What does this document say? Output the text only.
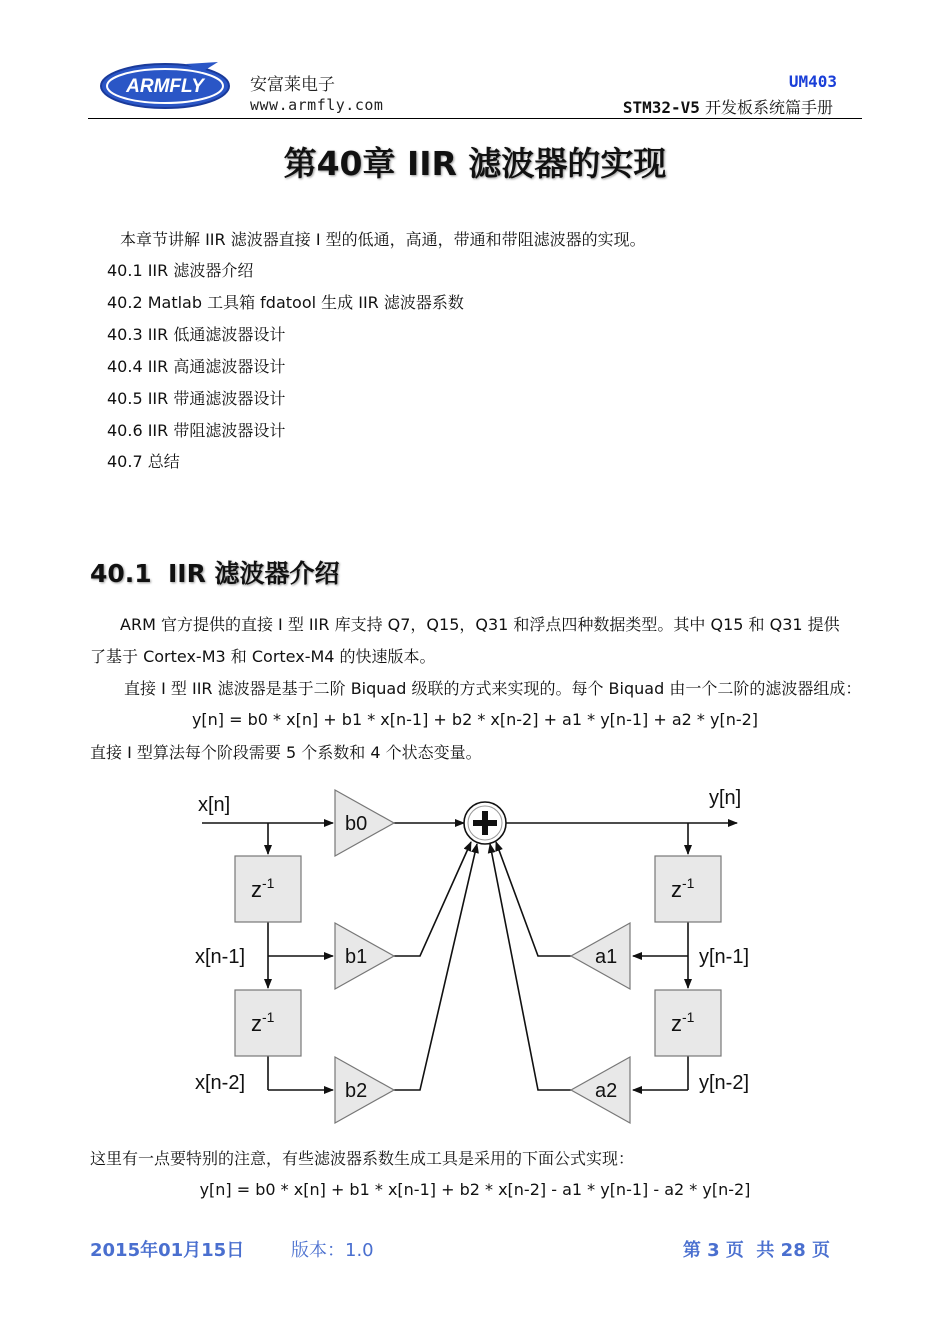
ARMFLY	安富莱电子
www.armfly.com
UM403
STM32-V5 开发板系统篇手册
第40章 IIR 滤波器的实现
本章节讲解 IIR 滤波器直接 I 型的低通，高通，带通和带阻滤波器的实现。
40.1 IIR 滤波器介绍
40.2 Matlab 工具箱 fdatool 生成 IIR 滤波器系数
40.3 IIR 低通滤波器设计
40.4 IIR 高通滤波器设计
40.5 IIR 带通滤波器设计
40.6 IIR 带阻滤波器设计
40.7 总结
40.1 IIR 滤波器介绍
ARM 官方提供的直接 I 型 IIR 库支持 Q7，Q15，Q31 和浮点四种数据类型。其中 Q15 和 Q31 提供
了基于 Cortex-M3 和 Cortex-M4 的快速版本。
直接 I 型 IIR 滤波器是基于二阶 Biquad 级联的方式来实现的。每个 Biquad 由一个二阶的滤波器组成：
y[n] = b0 * x[n] + b1 * x[n-1] + b2 * x[n-2] + a1 * y[n-1] + a2 * y[n-2]
直接 I 型算法每个阶段需要 5 个系数和 4 个状态变量。
$z^{-1}$
$z^{-1}$
$z^{-1}$
$z^{-1}$
b0
b1
b2
a1
a2
x[n]
x[n-1]
x[n-2]
y[n]
y[n-1]
y[n-2]
这里有一点要特别的注意，有些滤波器系数生成工具是采用的下面公式实现：
y[n] = b0 * x[n] + b1 * x[n-1] + b2 * x[n-2] - a1 * y[n-1] - a2 * y[n-2]
2015年01月15日	版本：1.0	第 3 页  共 28 页
